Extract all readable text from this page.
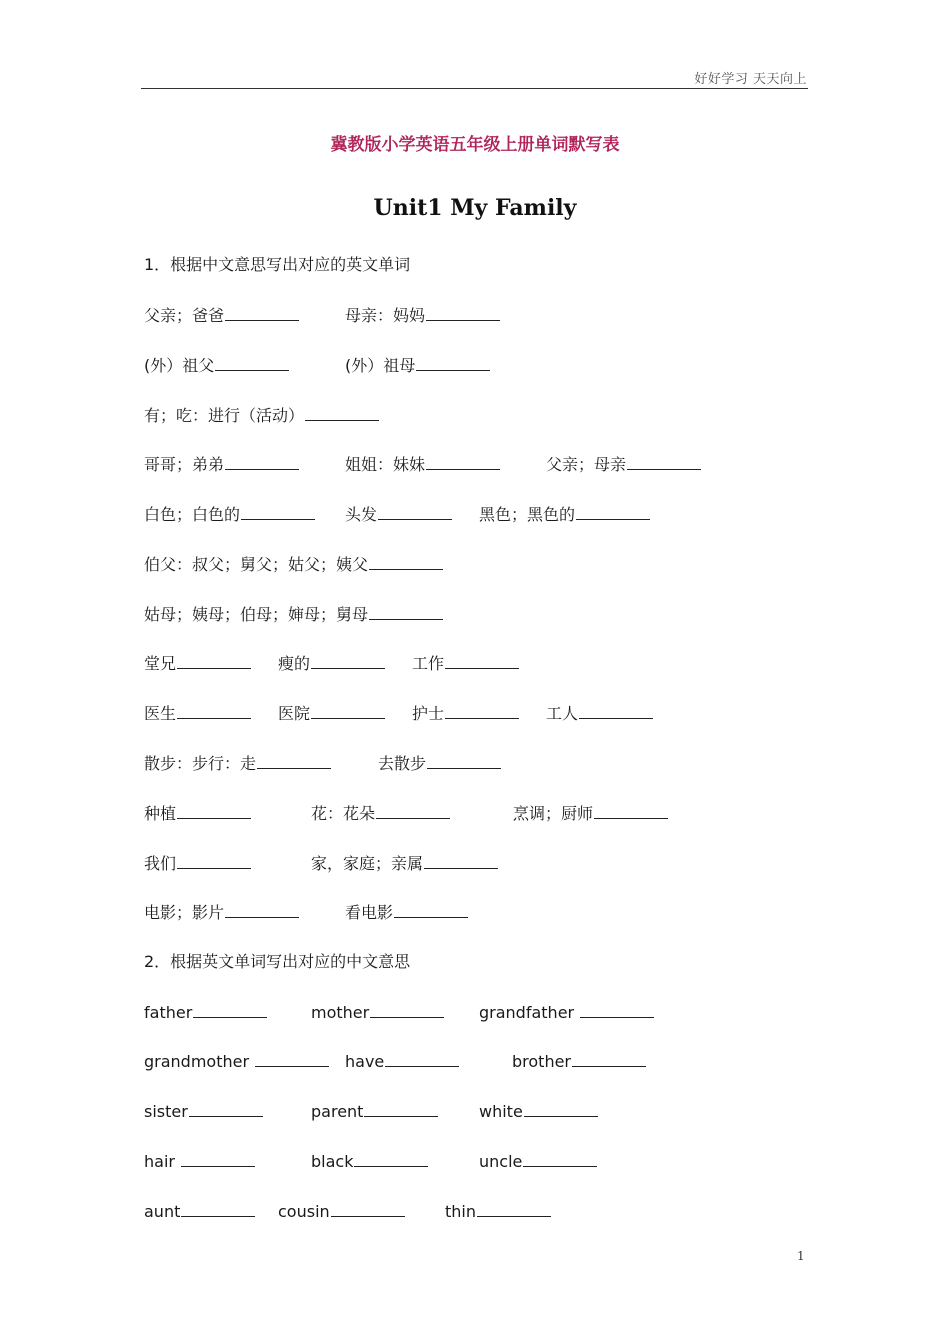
好好学习 天天向上
冀教版小学英语五年级上册单词默写表
Unit1 My Family
1．根据中文意思写出对应的英文单词
父亲；爸爸	母亲：妈妈
(外）祖父	(外）祖母
有；吃：进行（活动）
哥哥；弟弟	姐姐：妹妹	父亲；母亲
白色；白色的	头发	黑色；黑色的
伯父：叔父；舅父；姑父；姨父
姑母；姨母；伯母；婶母；舅母
堂兄	瘦的	工作
医生	医院	护士	工人
散步：步行：走	去散步
种植	花：花朵	烹调；厨师
我们	家，家庭；亲属
电影；影片	看电影
2．根据英文单词写出对应的中文意思
father	mother	grandfather
grandmother	have	brother
sister	parent	white
hair	black	uncle
aunt	cousin	thin
1
